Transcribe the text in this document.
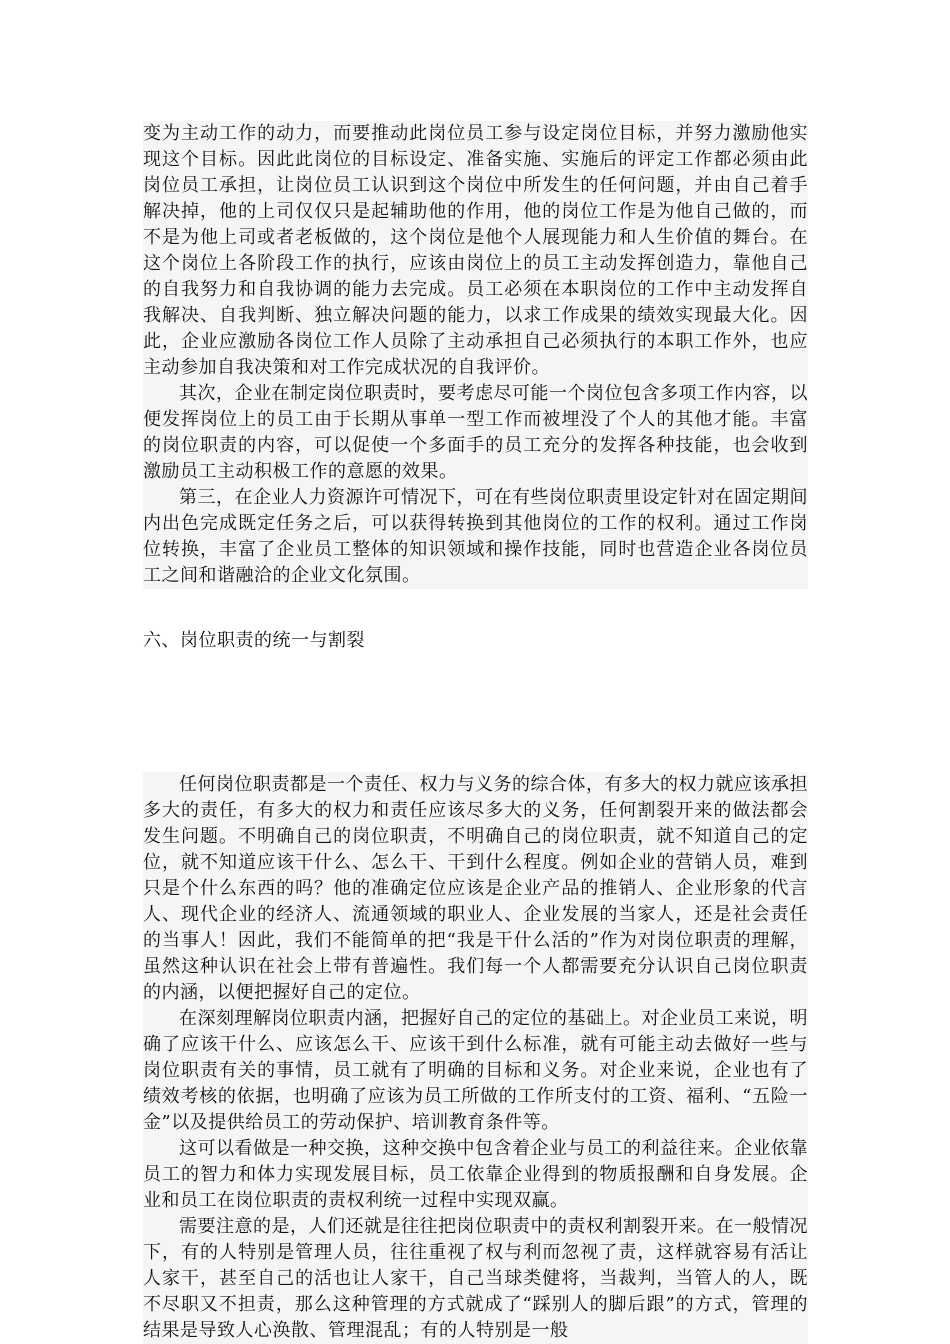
变为主动工作的动力，而要推动此岗位员工参与设定岗位目标，并努力激励他实现这个目标。因此此岗位的目标设定、准备实施、实施后的评定工作都必须由此岗位员工承担，让岗位员工认识到这个岗位中所发生的任何问题，并由自己着手解决掉，他的上司仅仅只是起辅助他的作用，他的岗位工作是为他自己做的，而不是为他上司或者老板做的，这个岗位是他个人展现能力和人生价值的舞台。在这个岗位上各阶段工作的执行，应该由岗位上的员工主动发挥创造力，靠他自己的自我努力和自我协调的能力去完成。员工必须在本职岗位的工作中主动发挥自我解决、自我判断、独立解决问题的能力，以求工作成果的绩效实现最大化。因此，企业应激励各岗位工作人员除了主动承担自己必须执行的本职工作外，也应主动参加自我决策和对工作完成状况的自我评价。

其次，企业在制定岗位职责时，要考虑尽可能一个岗位包含多项工作内容，以便发挥岗位上的员工由于长期从事单一型工作而被埋没了个人的其他才能。丰富的岗位职责的内容，可以促使一个多面手的员工充分的发挥各种技能，也会收到激励员工主动积极工作的意愿的效果。

第三，在企业人力资源许可情况下，可在有些岗位职责里设定针对在固定期间内出色完成既定任务之后，可以获得转换到其他岗位的工作的权利。通过工作岗位转换，丰富了企业员工整体的知识领域和操作技能，同时也营造企业各岗位员工之间和谐融洽的企业文化氛围。

六、岗位职责的统一与割裂

任何岗位职责都是一个责任、权力与义务的综合体，有多大的权力就应该承担多大的责任，有多大的权力和责任应该尽多大的义务，任何割裂开来的做法都会发生问题。不明确自己的岗位职责，不明确自己的岗位职责，就不知道自己的定位，就不知道应该干什么、怎么干、干到什么程度。例如企业的营销人员，难到只是个什么东西的吗？他的准确定位应该是企业产品的推销人、企业形象的代言人、现代企业的经济人、流通领域的职业人、企业发展的当家人，还是社会责任的当事人！因此，我们不能简单的把“我是干什么活的”作为对岗位职责的理解，虽然这种认识在社会上带有普遍性。我们每一个人都需要充分认识自己岗位职责的内涵，以便把握好自己的定位。

在深刻理解岗位职责内涵，把握好自己的定位的基础上。对企业员工来说，明确了应该干什么、应该怎么干、应该干到什么标准，就有可能主动去做好一些与岗位职责有关的事情，员工就有了明确的目标和义务。对企业来说，企业也有了绩效考核的依据，也明确了应该为员工所做的工作所支付的工资、福利、“五险一金”以及提供给员工的劳动保护、培训教育条件等。

这可以看做是一种交换，这种交换中包含着企业与员工的利益往来。企业依靠员工的智力和体力实现发展目标，员工依靠企业得到的物质报酬和自身发展。企业和员工在岗位职责的责权利统一过程中实现双赢。

需要注意的是，人们还就是往往把岗位职责中的责权利割裂开来。在一般情况下，有的人特别是管理人员，往往重视了权与利而忽视了责，这样就容易有活让人家干，甚至自己的活也让人家干，自己当球类健将，当裁判，当管人的人，既不尽职又不担责，那么这种管理的方式就成了“踩别人的脚后跟”的方式，管理的结果是导致人心涣散、管理混乱；有的人特别是一般
